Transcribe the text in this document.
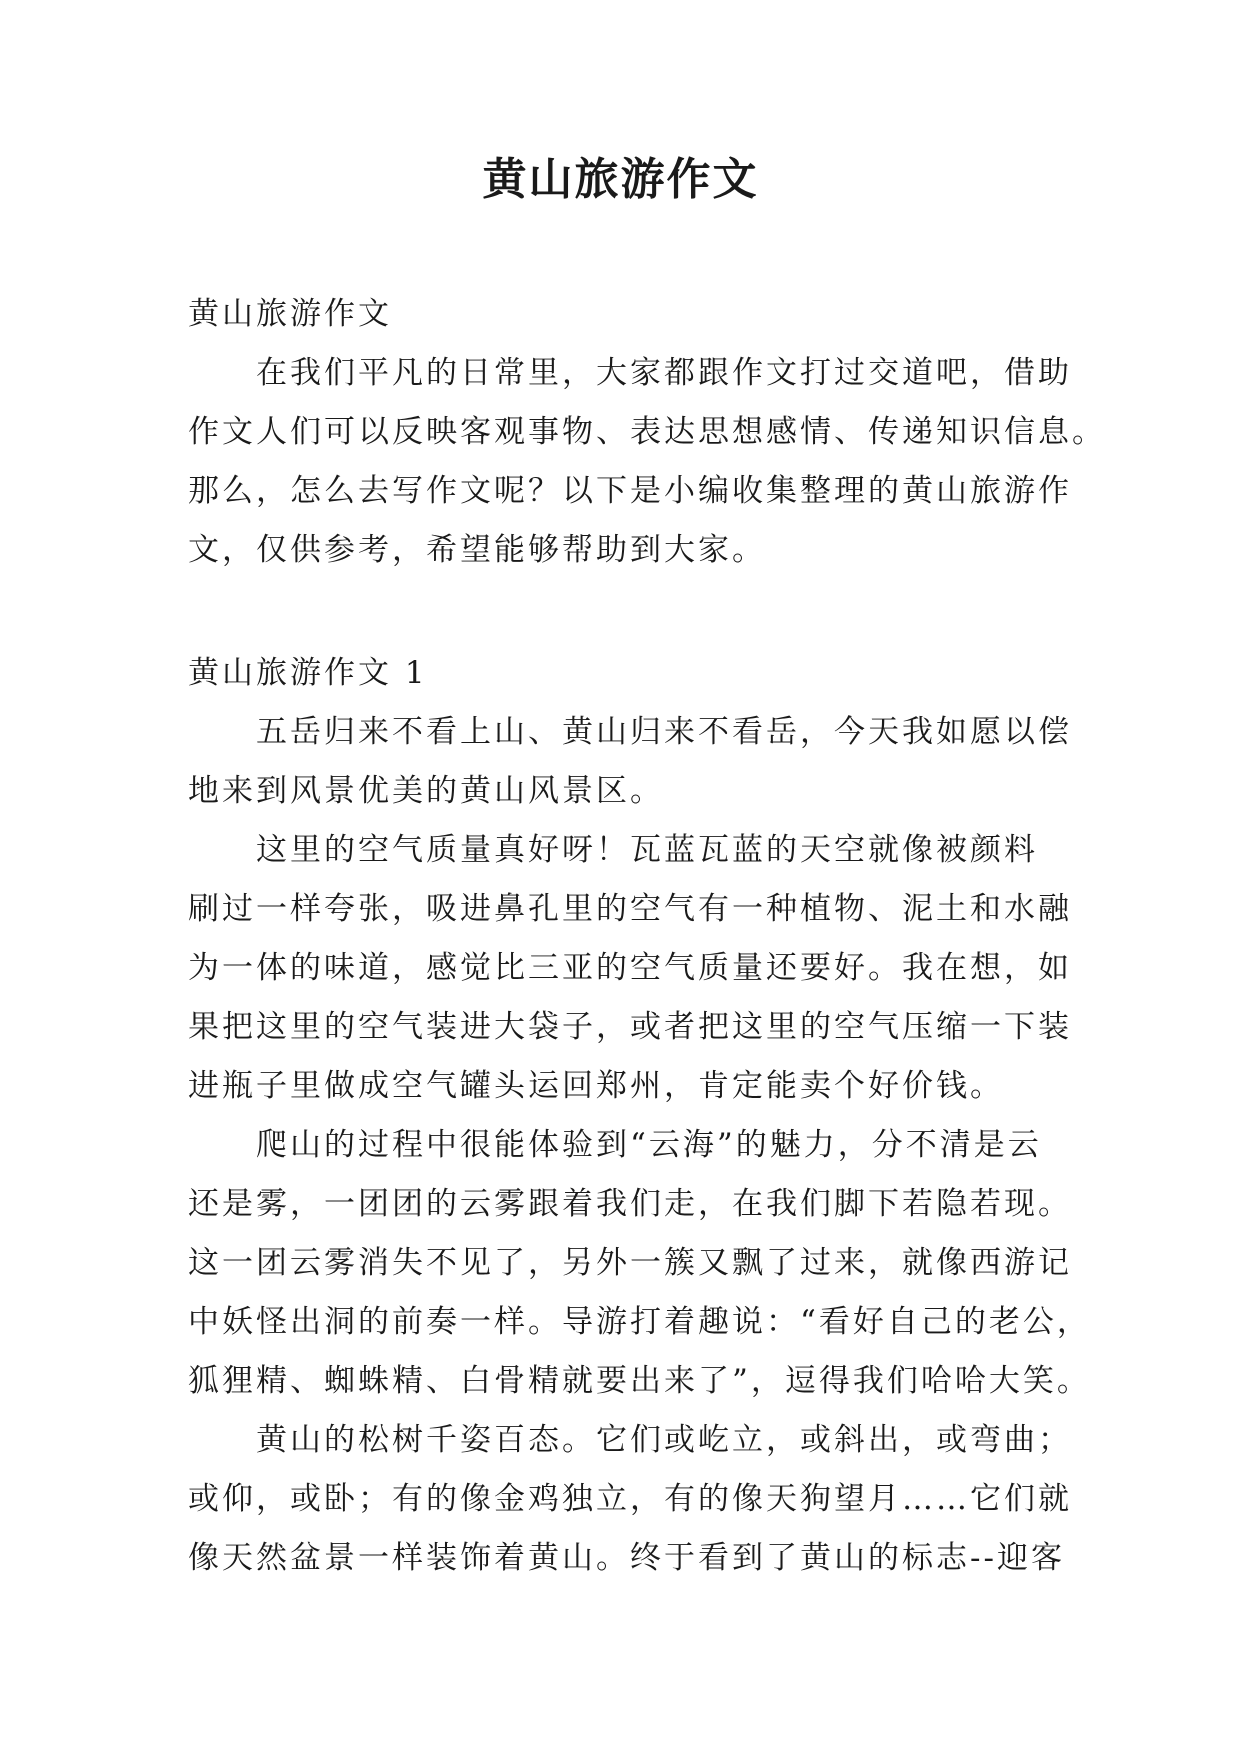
黄山旅游作文

黄山旅游作文

在我们平凡的日常里，大家都跟作文打过交道吧，借助

作文人们可以反映客观事物、表达思想感情、传递知识信息。

那么，怎么去写作文呢？以下是小编收集整理的黄山旅游作

文，仅供参考，希望能够帮助到大家。

黄山旅游作文 1

五岳归来不看上山、黄山归来不看岳，今天我如愿以偿

地来到风景优美的黄山风景区。

这里的空气质量真好呀！瓦蓝瓦蓝的天空就像被颜料

刷过一样夸张，吸进鼻孔里的空气有一种植物、泥土和水融

为一体的味道，感觉比三亚的空气质量还要好。我在想，如

果把这里的空气装进大袋子，或者把这里的空气压缩一下装

进瓶子里做成空气罐头运回郑州，肯定能卖个好价钱。

爬山的过程中很能体验到“云海”的魅力，分不清是云

还是雾，一团团的云雾跟着我们走，在我们脚下若隐若现。

这一团云雾消失不见了，另外一簇又飘了过来，就像西游记

中妖怪出洞的前奏一样。导游打着趣说：“看好自己的老公，

狐狸精、蜘蛛精、白骨精就要出来了”，逗得我们哈哈大笑。

黄山的松树千姿百态。它们或屹立，或斜出，或弯曲；

或仰，或卧；有的像金鸡独立，有的像天狗望月……它们就

像天然盆景一样装饰着黄山。终于看到了黄山的标志--迎客
